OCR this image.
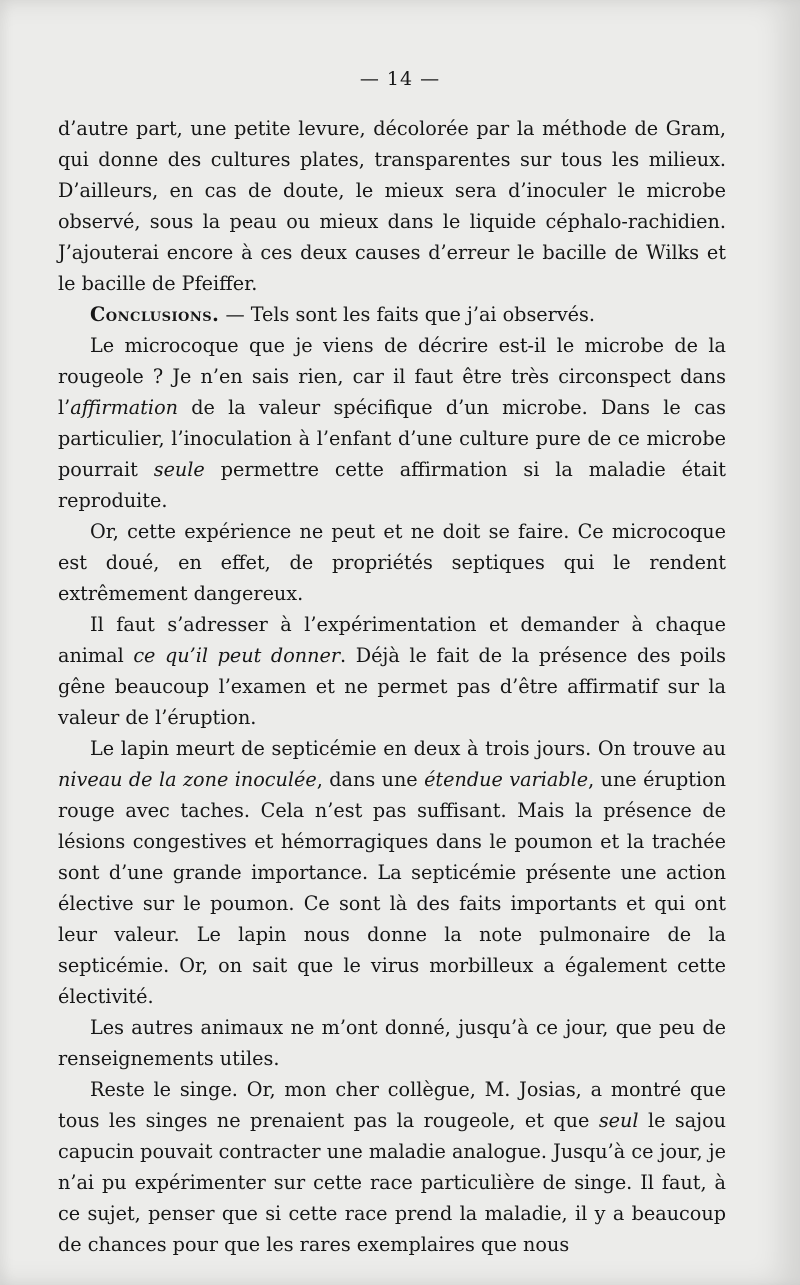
— 14 —

d’autre part, une petite levure, décolorée par la méthode de Gram, qui donne des cultures plates, transparentes sur tous les milieux. D’ailleurs, en cas de doute, le mieux sera d’inoculer le microbe observé, sous la peau ou mieux dans le liquide céphalo-rachidien. J’ajouterai encore à ces deux causes d’erreur le bacille de Wilks et le bacille de Pfeiffer.

Conclusions. — Tels sont les faits que j’ai observés.

Le microcoque que je viens de décrire est-il le microbe de la rougeole ? Je n’en sais rien, car il faut être très circonspect dans l’affirmation de la valeur spécifique d’un microbe. Dans le cas particulier, l’inoculation à l’enfant d’une culture pure de ce microbe pourrait seule permettre cette affirmation si la maladie était reproduite.

Or, cette expérience ne peut et ne doit se faire. Ce microcoque est doué, en effet, de propriétés septiques qui le rendent extrêmement dangereux.

Il faut s’adresser à l’expérimentation et demander à chaque animal ce qu’il peut donner. Déjà le fait de la présence des poils gêne beaucoup l’examen et ne permet pas d’être affirmatif sur la valeur de l’éruption.

Le lapin meurt de septicémie en deux à trois jours. On trouve au niveau de la zone inoculée, dans une étendue variable, une éruption rouge avec taches. Cela n’est pas suffisant. Mais la présence de lésions congestives et hémorragiques dans le poumon et la trachée sont d’une grande importance. La septicémie présente une action élective sur le poumon. Ce sont là des faits importants et qui ont leur valeur. Le lapin nous donne la note pulmonaire de la septicémie. Or, on sait que le virus morbilleux a également cette électivité.

Les autres animaux ne m’ont donné, jusqu’à ce jour, que peu de renseignements utiles.

Reste le singe. Or, mon cher collègue, M. Josias, a montré que tous les singes ne prenaient pas la rougeole, et que seul le sajou capucin pouvait contracter une maladie analogue. Jusqu’à ce jour, je n’ai pu expérimenter sur cette race particulière de singe. Il faut, à ce sujet, penser que si cette race prend la maladie, il y a beaucoup de chances pour que les rares exemplaires que nous
